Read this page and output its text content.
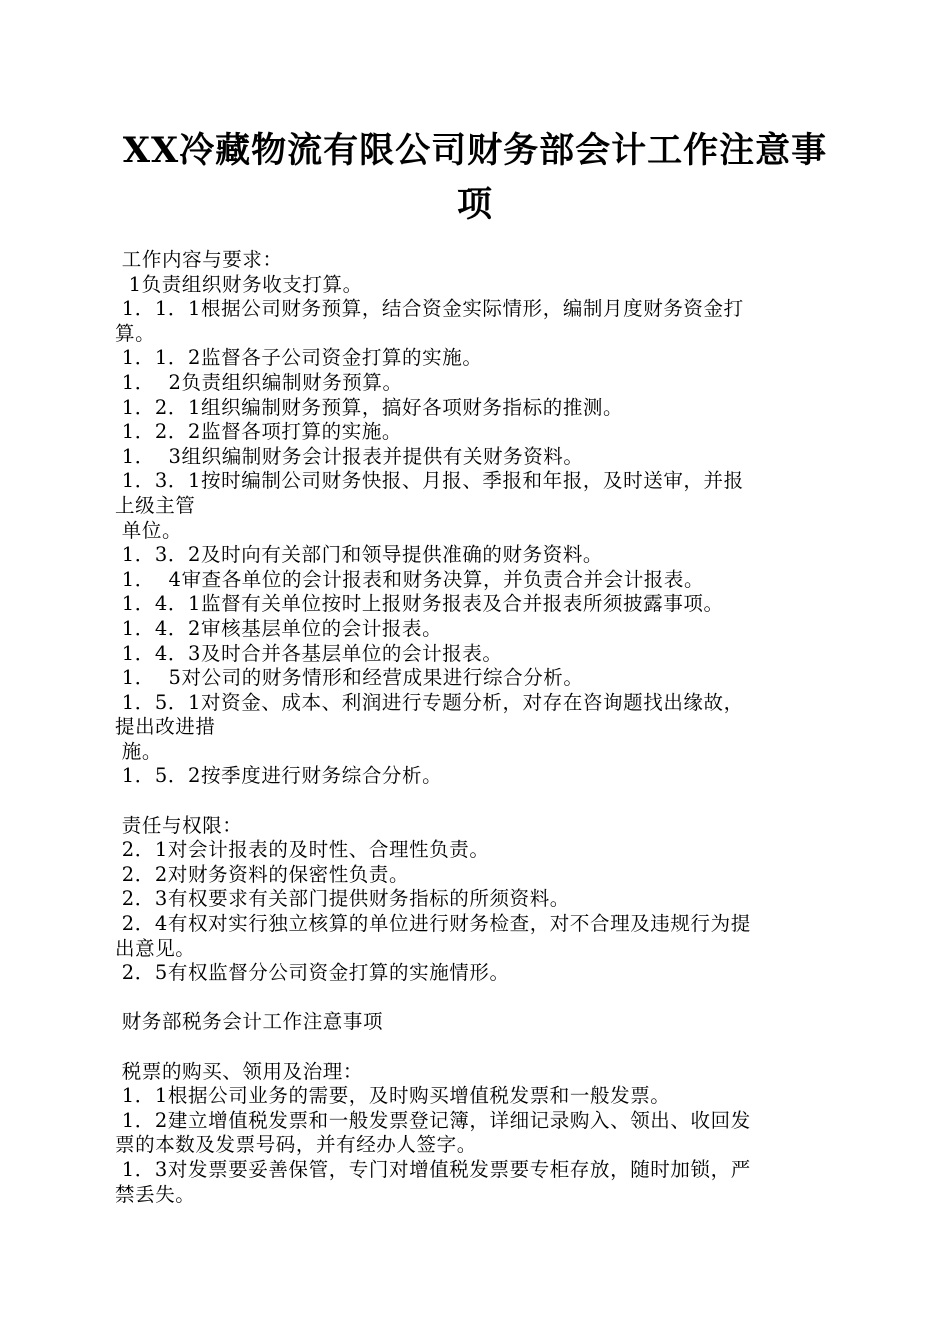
XX冷藏物流有限公司财务部会计工作注意事
项
工作内容与要求：
1负责组织财务收支打算。
1．1．1根据公司财务预算，结合资金实际情形，编制月度财务资金打
算。
1．1．2监督各子公司资金打算的实施。
1．  2负责组织编制财务预算。
1．2．1组织编制财务预算，搞好各项财务指标的推测。
1．2．2监督各项打算的实施。
1．  3组织编制财务会计报表并提供有关财务资料。
1．3．1按时编制公司财务快报、月报、季报和年报，及时送审，并报
上级主管
单位。
1．3．2及时向有关部门和领导提供准确的财务资料。
1．  4审查各单位的会计报表和财务决算，并负责合并会计报表。
1．4．1监督有关单位按时上报财务报表及合并报表所须披露事项。
1．4．2审核基层单位的会计报表。
1．4．3及时合并各基层单位的会计报表。
1．  5对公司的财务情形和经营成果进行综合分析。
1．5．1对资金、成本、利润进行专题分析，对存在咨询题找出缘故，
提出改进措
施。
1．5．2按季度进行财务综合分析。
责任与权限：
2．1对会计报表的及时性、合理性负责。
2．2对财务资料的保密性负责。
2．3有权要求有关部门提供财务指标的所须资料。
2．4有权对实行独立核算的单位进行财务检查，对不合理及违规行为提
出意见。
2．5有权监督分公司资金打算的实施情形。
财务部税务会计工作注意事项
税票的购买、领用及治理：
1．1根据公司业务的需要，及时购买增值税发票和一般发票。
1．2建立增值税发票和一般发票登记簿，详细记录购入、领出、收回发
票的本数及发票号码，并有经办人签字。
1．3对发票要妥善保管，专门对增值税发票要专柜存放，随时加锁，严
禁丢失。
